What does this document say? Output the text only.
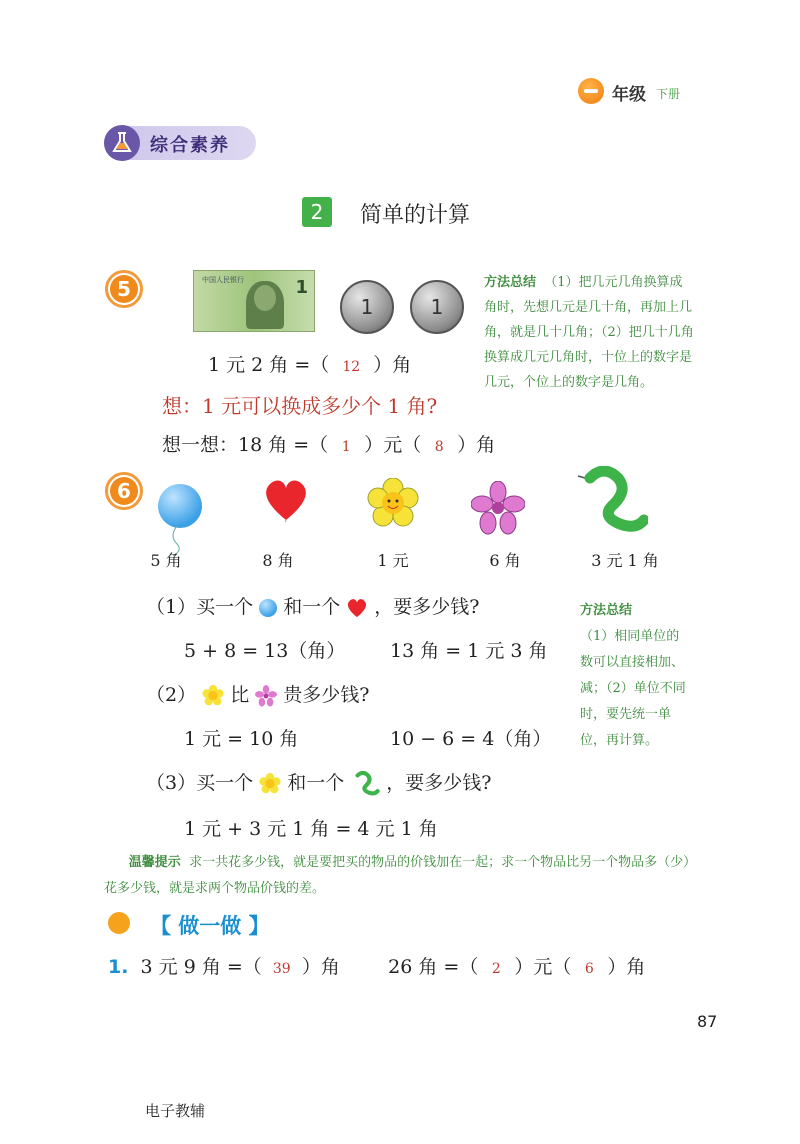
年级 下册
综合素养
2	简单的计算
5	中国人民银行	1
1	1
1 元 2 角 =（ 12 ）角
想：1 元可以换成多少个 1 角?
想一想：18 角 =（ 1 ）元（ 8 ）角
方法总结 （1）把几元几角换算成角时，先想几元是几十角，再加上几角，就是几十几角；（2）把几十几角换算成几元几角时，十位上的数字是几元，个位上的数字是几角。
6
5 角	8 角	1 元	6 角	3 元 1 角
（1）买一个 和一个 ，要多少钱?
5 + 8 = 13（角） 13 角 = 1 元 3 角
（2） 比 贵多少钱?
1 元 = 10 角	10 − 6 = 4（角）
（3）买一个 和一个 ，要多少钱?
1 元 + 3 元 1 角 = 4 元 1 角
方法总结
（1）相同单位的数可以直接相加、减；（2）单位不同时，要先统一单位，再计算。
温馨提示 求一共花多少钱，就是要把买的物品的价钱加在一起；求一个物品比另一个物品多（少）花多少钱，就是求两个物品价钱的差。
【 做一做 】
1. 3 元 9 角 =（ 39 ）角	26 角 =（ 2 ）元（ 6 ）角
87
电子教辅
